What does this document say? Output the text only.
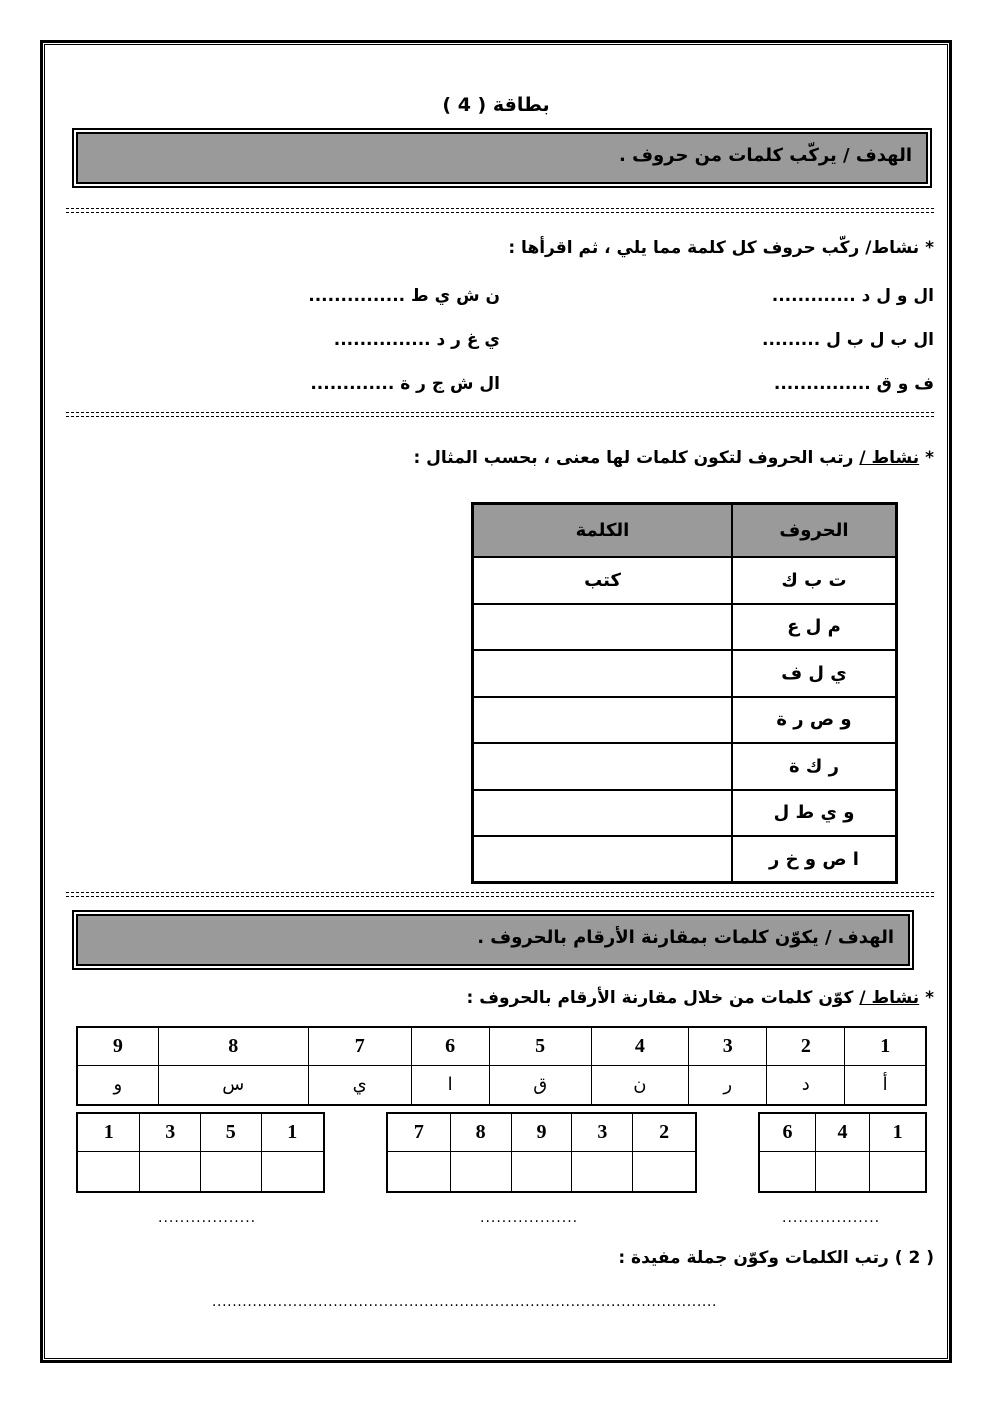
بطاقة ( 4 )
الهدف / يركّب كلمات من حروف .
* نشاط/ ركّب حروف كل كلمة مما يلي ، ثم اقرأها :
ال و ل د .............
ال ب ل ب ل .........
ف و ق ...............
ن ش ي ط ...............
ي غ ر د ...............
ال ش ج ر ة .............
* نشاط / رتب الحروف لتكون كلمات لها معنى ، بحسب المثال :
الحروف	الكلمة
ت ب ك	كتب
م ل ع	
ي ل ف	
و ص ر ة	
ر ك ة	
و ي ط ل	
ا ص و خ ر	
الهدف / يكوّن كلمات بمقارنة الأرقام بالحروف .
* نشاط / كوّن كلمات من خلال مقارنة الأرقام بالحروف :
1	2	3	4	5	6	7	8	9
أ	د	ر	ن	ق	ا	ي	س	و
1	4	6

2	3	9	8	7

1	5	3	1

..................
..................
..................
( 2 ) رتب الكلمات وكوّن جملة مفيدة :
....................................................................................................
